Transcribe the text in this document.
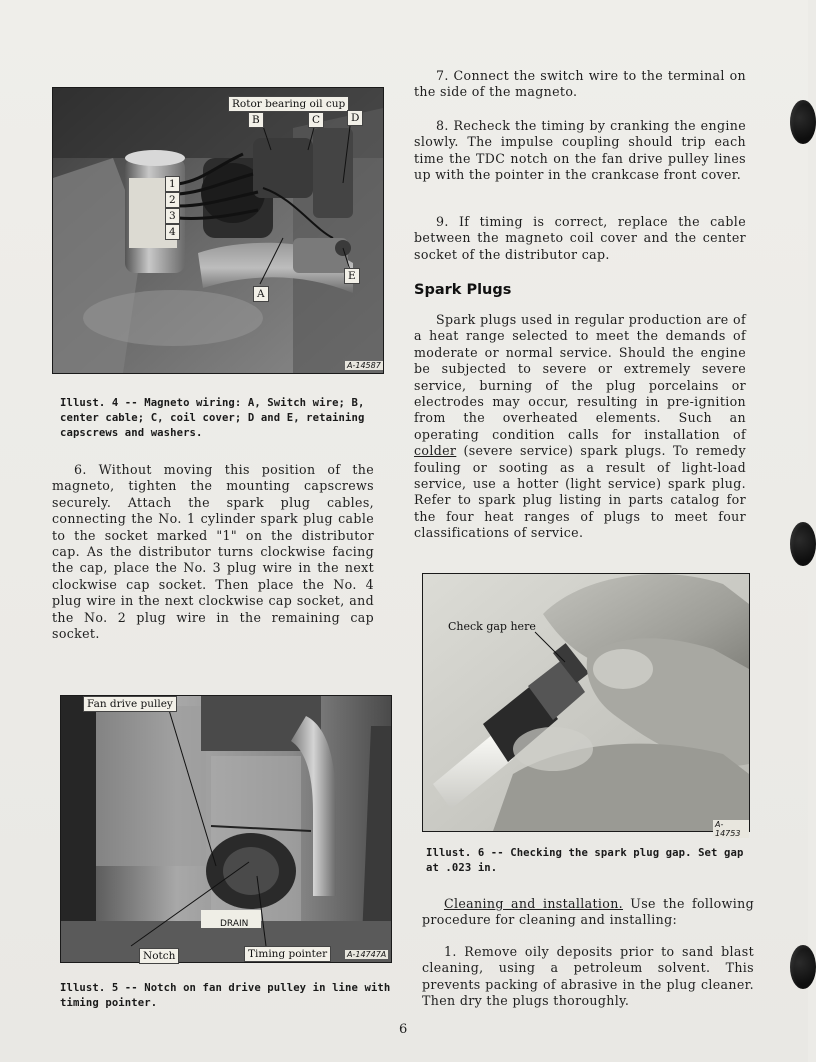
Rotor bearing oil cup
B	C	D
E
A
1
2
3
4
A-14587
Illust. 4 -- Magneto wiring: A, Switch wire; B, center cable; C, coil cover; D and E, retaining capscrews and washers.
6. Without moving this position of the magneto, tighten the mounting capscrews securely. Attach the spark plug cables, connecting the No. 1 cylinder spark plug cable to the socket marked "1" on the distributor cap. As the distributor turns clockwise facing the cap, place the No. 3 plug wire in the next clockwise cap socket. Then place the No. 4 plug wire in the next clockwise cap socket, and the No. 2 plug wire in the remaining cap socket.
Fan drive pulley
DRAIN
Notch	Timing pointer	A-14747A
Illust. 5 -- Notch on fan drive pulley in line with timing pointer.
7. Connect the switch wire to the terminal on the side of the magneto.
8. Recheck the timing by cranking the engine slowly. The impulse coupling should trip each time the TDC notch on the fan drive pulley lines up with the pointer in the crankcase front cover.
9. If timing is correct, replace the cable between the magneto coil cover and the center socket of the distributor cap.
Spark Plugs
Spark plugs used in regular production are of a heat range selected to meet the demands of moderate or normal service. Should the engine be subjected to severe or extremely severe service, burning of the plug porcelains or electrodes may occur, resulting in pre-ignition from the overheated elements. Such an operating condition calls for installation of colder (severe service) spark plugs. To remedy fouling or sooting as a result of light-load service, use a hotter (light service) spark plug. Refer to spark plug listing in parts catalog for the four heat ranges of plugs to meet four classifications of service.
Check gap here
A-14753
Illust. 6 -- Checking the spark plug gap. Set gap at .023 in.
Cleaning and installation. Use the following procedure for cleaning and installing:
1. Remove oily deposits prior to sand blast cleaning, using a petroleum solvent. This prevents packing of abrasive in the plug cleaner. Then dry the plugs thoroughly.
6
